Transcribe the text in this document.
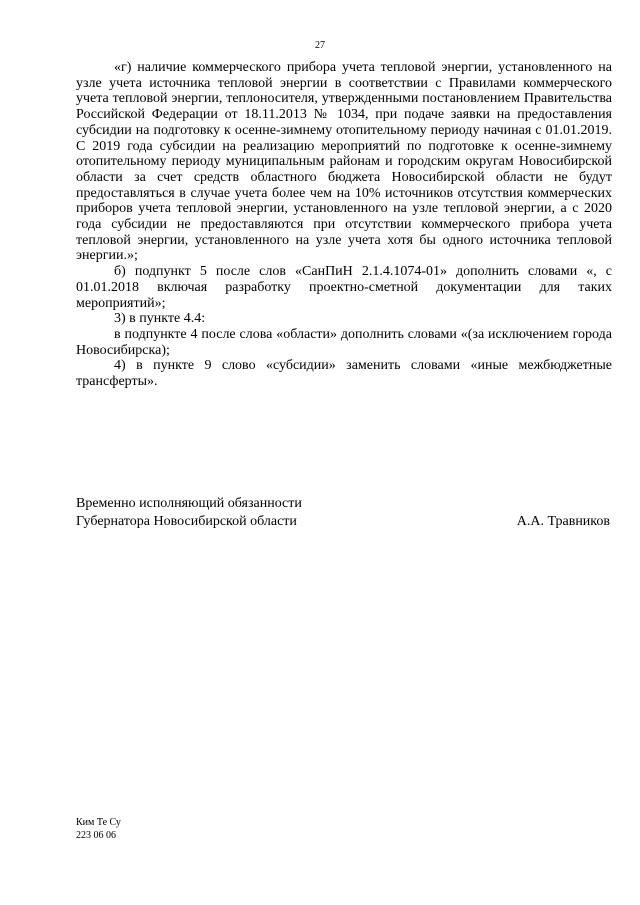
27

«г) наличие коммерческого прибора учета тепловой энергии, установленного на узле учета источника тепловой энергии в соответствии с Правилами коммерческого учета тепловой энергии, теплоносителя, утвержденными постановлением Правительства Российской Федерации от 18.11.2013 № 1034, при подаче заявки на предоставления субсидии на подготовку к осенне-зимнему отопительному периоду начиная с 01.01.2019. С 2019 года субсидии на реализацию мероприятий по подготовке к осенне-зимнему отопительному периоду муниципальным районам и городским округам Новосибирской области за счет средств областного бюджета Новосибирской области не будут предоставляться в случае учета более чем на 10% источников отсутствия коммерческих приборов учета тепловой энергии, установленного на узле тепловой энергии, а с 2020 года субсидии не предоставляются при отсутствии коммерческого прибора учета тепловой энергии, установленного на узле учета хотя бы одного источника тепловой энергии.»;

б) подпункт 5 после слов «СанПиН 2.1.4.1074-01» дополнить словами «, с 01.01.2018 включая разработку проектно-сметной документации для таких мероприятий»;

3) в пункте 4.4:

в подпункте 4 после слова «области» дополнить словами «(за исключением города Новосибирска);

4) в пункте 9 слово «субсидии» заменить словами «иные межбюджетные трансферты».

Временно исполняющий обязанности
Губернатора Новосибирской области	А.А. Травников
Ким Те Су
223 06 06
